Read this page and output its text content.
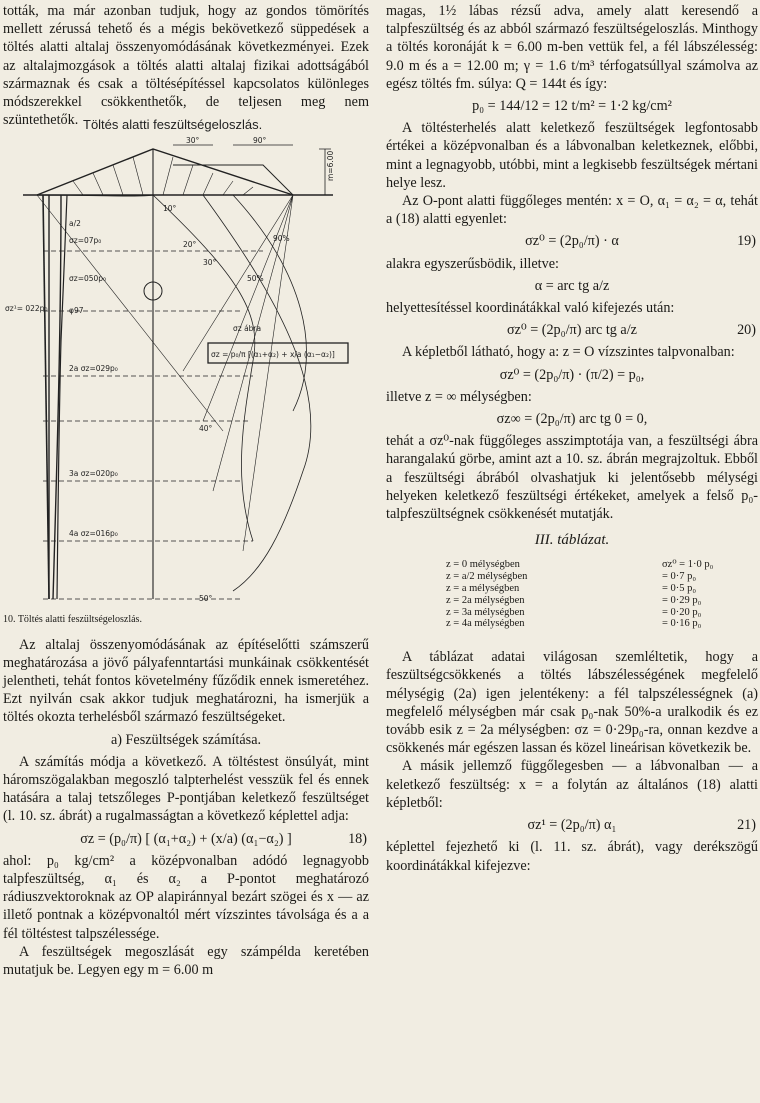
tották, ma már azonban tudjuk, hogy az gondos tömörítés mellett zérussá tehető és a mégis bekövetkező süppedések a töltés alatti altalaj összenyomódásának következményei. Ezek az altalajmozgások a töltés alatti altalaj fizikai adottságából származnak és csak a töltésépítéssel kapcsolatos különleges módszerekkel csökkenthetők, de teljesen meg nem szüntethetők.

30°	90°
m=6.00
σz¹= 022p₀
a/2
σz=07p₀
σz=050p₀
φ97
2a σz=029p₀
3a σz=020p₀
4a σz=016p₀
σz ábra
σz = p₀/π [(α₁+α₂) + x/a (α₁−α₂)]
10°
20°
30°
40°
50°
50%
90%
Töltés alatti feszültségeloszlás.
10. Töltés alatti feszültségeloszlás.

Az altalaj összenyomódásának az építéselőtti számszerű meghatározása a jövő pályafenntartási munkáinak csökkentését jelentheti, tehát fontos követelmény fűződik ennek ismeretéhez. Ezt nyilván csak akkor tudjuk meghatározni, ha ismerjük a töltés okozta terhelésből származó feszültségeket.

a) Feszültségek számítása.

A számítás módja a következő. A töltéstest önsúlyát, mint háromszögalakban megoszló talpterhelést vesszük fel és ennek hatására a talaj tetszőleges P-pontjában keletkező feszültséget (l. 10. sz. ábrát) a rugalmasságtan a következő képlettel adja:

σz = (p₀/π) [ (α₁+α₂) + (x/a) (α₁−α₂) ]	18)

ahol: p₀ kg/cm² a középvonalban adódó legnagyobb talpfeszültség, α₁ és α₂ a P-pontot meghatározó rádiuszvektoroknak az OP alapiránnyal bezárt szögei és x — az illető pontnak a középvonaltól mért vízszintes távolsága és a a fél töltéstest talpszélessége.

A feszültségek megoszlását egy számpélda keretében mutatjuk be. Legyen egy m = 6.00 m

magas, 1½ lábas rézsű adva, amely alatt keresendő a talpfeszültség és az abból származó feszültségeloszlás. Minthogy a töltés koronáját k = 6.00 m-ben vettük fel, a fél lábszélesség: 9.0 m és a = 12.00 m; γ = 1.6 t/m³ térfogatsúllyal számolva az egész töltés fm. súlya: Q = 144t és így:

p₀ = 144/12 = 12 t/m² = 1·2 kg/cm²

A töltésterhelés alatt keletkező feszültségek legfontosabb értékei a középvonalban és a lábvonalban keletkeznek, előbbi, mint a legnagyobb, utóbbi, mint a legkisebb feszültségek mértani helye lesz.

Az O-pont alatti függőleges mentén: x = O, α₁ = α₂ = α, tehát a (18) alatti egyenlet:

σz⁰ = (2p₀/π) · α	19)

alakra egyszerűsbödik, illetve:

α = arc tg a/z

helyettesítéssel koordinátákkal való kifejezés után:

σz⁰ = (2p₀/π) arc tg a/z	20)

A képletből látható, hogy a: z = O vízszintes talpvonalban:

σz⁰ = (2p₀/π) · (π/2) = p₀,

illetve z = ∞ mélységben:

σz∞ = (2p₀/π) arc tg 0 = 0,

tehát a σz⁰-nak függőleges asszimptotája van, a feszültségi ábra harangalakú görbe, amint azt a 10. sz. ábrán megrajzoltuk. Ebből a feszültségi ábrából olvashatjuk ki jelentősebb mélységi helyeken keletkező feszültségi értékeket, amelyek a felső p₀-talpfeszültségnek csökkenését mutatják.

III. táblázat.
z = 0 mélységben	σz⁰ = 1·0 p₀
z = a/2 mélységben	= 0·7 p₀
z = a mélységben	= 0·5 p₀
z = 2a mélységben	= 0·29 p₀
z = 3a mélységben	= 0·20 p₀
z = 4a mélységben	= 0·16 p₀

A táblázat adatai világosan szemléltetik, hogy a feszültségcsökkenés a töltés lábszélességének megfelelő mélységig (2a) igen jelentékeny: a fél talpszélességnek (a) megfelelő mélységben már csak p₀-nak 50%-a uralkodik és ez tovább esik z = 2a mélységben: σz = 0·29p₀-ra, onnan kezdve a csökkenés már egészen lassan és közel lineárisan következik be.

A másik jellemző függőlegesben — a lábvonalban — a keletkező feszültség: x = a folytán az általános (18) alatti képletből:

σz¹ = (2p₀/π) α₁	21)

képlettel fejezhető ki (l. 11. sz. ábrát), vagy derékszögű koordinátákkal kifejezve:
